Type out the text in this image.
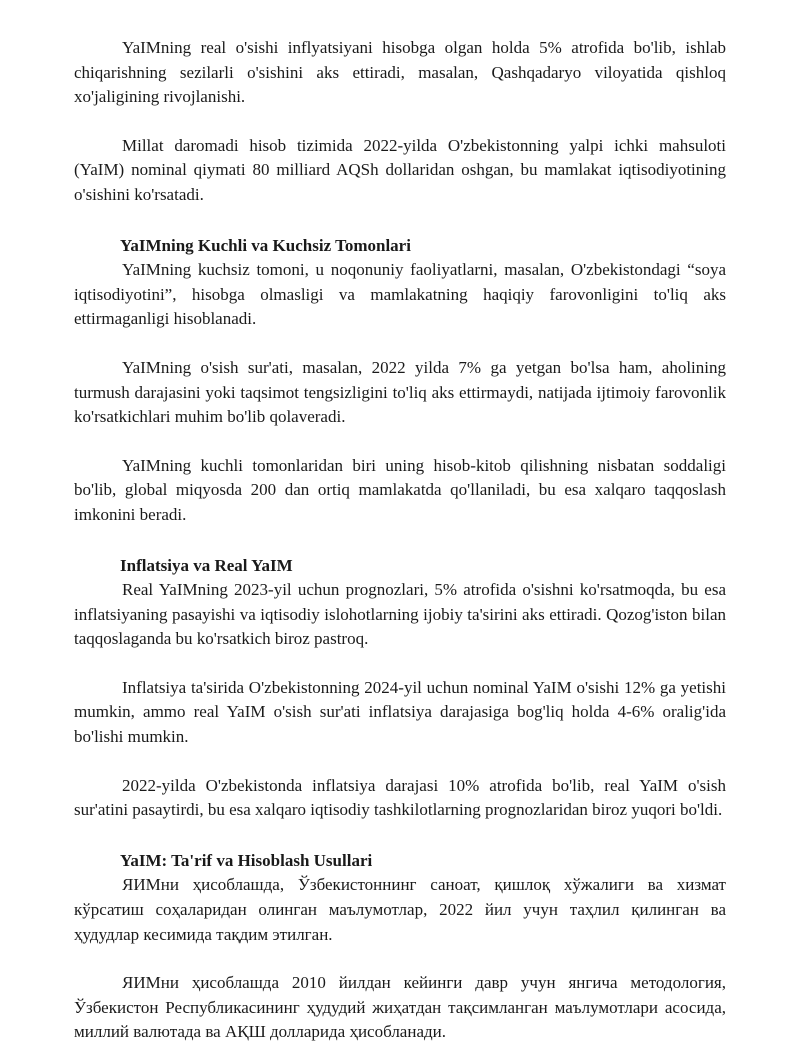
YaIMning real o'sishi inflyatsiyani hisobga olgan holda 5% atrofida bo'lib, ishlab chiqarishning sezilarli o'sishini aks ettiradi, masalan, Qashqadaryo viloyatida qishloq xo'jaligining rivojlanishi.

Millat daromadi hisob tizimida 2022-yilda O'zbekistonning yalpi ichki mahsuloti (YaIM) nominal qiymati 80 milliard AQSh dollaridan oshgan, bu mamlakat iqtisodiyotining o'sishini ko'rsatadi.

YaIMning Kuchli va Kuchsiz Tomonlari

YaIMning kuchsiz tomoni, u noqonuniy faoliyatlarni, masalan, O'zbekistondagi “soya iqtisodiyotini”, hisobga olmasligi va mamlakatning haqiqiy farovonligini to'liq aks ettirmaganligi hisoblanadi.

YaIMning o'sish sur'ati, masalan, 2022 yilda 7% ga yetgan bo'lsa ham, aholining turmush darajasini yoki taqsimot tengsizligini to'liq aks ettirmaydi, natijada ijtimoiy farovonlik ko'rsatkichlari muhim bo'lib qolaveradi.

YaIMning kuchli tomonlaridan biri uning hisob-kitob qilishning nisbatan soddaligi bo'lib, global miqyosda 200 dan ortiq mamlakatda qo'llaniladi, bu esa xalqaro taqqoslash imkonini beradi.

Inflatsiya va Real YaIM

Real YaIMning 2023-yil uchun prognozlari, 5% atrofida o'sishni ko'rsatmoqda, bu esa inflatsiyaning pasayishi va iqtisodiy islohotlarning ijobiy ta'sirini aks ettiradi. Qozog'iston bilan taqqoslaganda bu ko'rsatkich biroz pastroq.

Inflatsiya ta'sirida O'zbekistonning 2024-yil uchun nominal YaIM o'sishi 12% ga yetishi mumkin, ammo real YaIM o'sish sur'ati inflatsiya darajasiga bog'liq holda 4-6% oralig'ida bo'lishi mumkin.

2022-yilda O'zbekistonda inflatsiya darajasi 10% atrofida bo'lib, real YaIM o'sish sur'atini pasaytirdi, bu esa xalqaro iqtisodiy tashkilotlarning prognozlaridan biroz yuqori bo'ldi.

YaIM: Ta'rif va Hisoblash Usullari

ЯИМни ҳисоблашда, Ўзбекистоннинг саноат, қишлоқ хўжалиги ва хизмат кўрсатиш соҳаларидан олинган маълумотлар, 2022 йил учун таҳлил қилинган ва ҳудудлар кесимида тақдим этилган.

ЯИМни ҳисоблашда 2010 йилдан кейинги давр учун янгича методология, Ўзбекистон Республикасининг ҳудудий жиҳатдан тақсимланган маълумотлари асосида, миллий валютада ва АҚШ долларида ҳисобланади.
